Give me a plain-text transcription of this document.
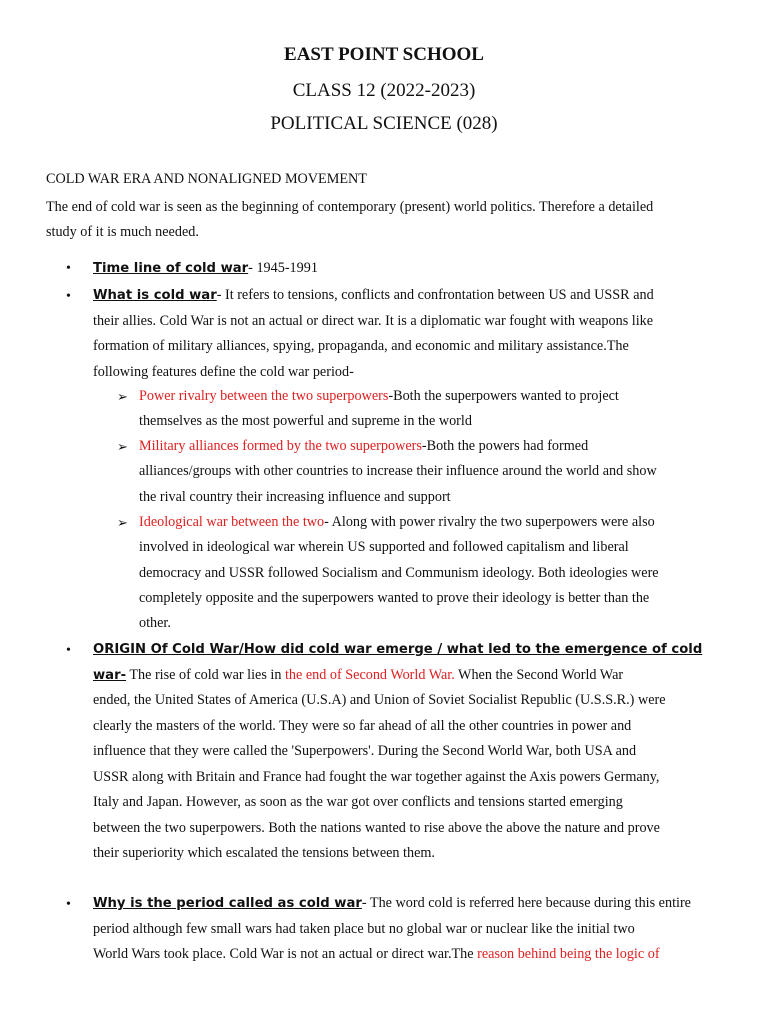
EAST POINT SCHOOL
CLASS 12 (2022-2023)
POLITICAL SCIENCE (028)
COLD WAR ERA AND NONALIGNED MOVEMENT
The end of cold war is seen as the beginning of contemporary (present) world politics. Therefore a detailed
study of it is much needed.
• Time line of cold war- 1945-1991
• What is cold war- It refers to tensions, conflicts and confrontation between US and USSR and
their allies. Cold War is not an actual or direct war. It is a diplomatic war fought with weapons like
formation of military alliances, spying, propaganda, and economic and military assistance.The
following features define the cold war period-
➢ Power rivalry between the two superpowers-Both the superpowers wanted to project
themselves as the most powerful and supreme in the world
➢ Military alliances formed by the two superpowers-Both the powers had formed
alliances/groups with other countries to increase their influence around the world and show
the rival country their increasing influence and support
➢ Ideological war between the two- Along with power rivalry the two superpowers were also
involved in ideological war wherein US supported and followed capitalism and liberal
democracy and USSR followed Socialism and Communism ideology. Both ideologies were
completely opposite and the superpowers wanted to prove their ideology is better than the
other.
• ORIGIN Of Cold War/How did cold war emerge / what led to the emergence of cold
war- The rise of cold war lies in the end of Second World War. When the Second World War
ended, the United States of America (U.S.A) and Union of Soviet Socialist Republic (U.S.S.R.) were
clearly the masters of the world. They were so far ahead of all the other countries in power and
influence that they were called the 'Superpowers'. During the Second World War, both USA and
USSR along with Britain and France had fought the war together against the Axis powers Germany,
Italy and Japan. However, as soon as the war got over conflicts and tensions started emerging
between the two superpowers. Both the nations wanted to rise above the above the nature and prove
their superiority which escalated the tensions between them.
• Why is the period called as cold war- The word cold is referred here because during this entire
period although few small wars had taken place but no global war or nuclear like the initial two
World Wars took place. Cold War is not an actual or direct war.The reason behind being the logic of
